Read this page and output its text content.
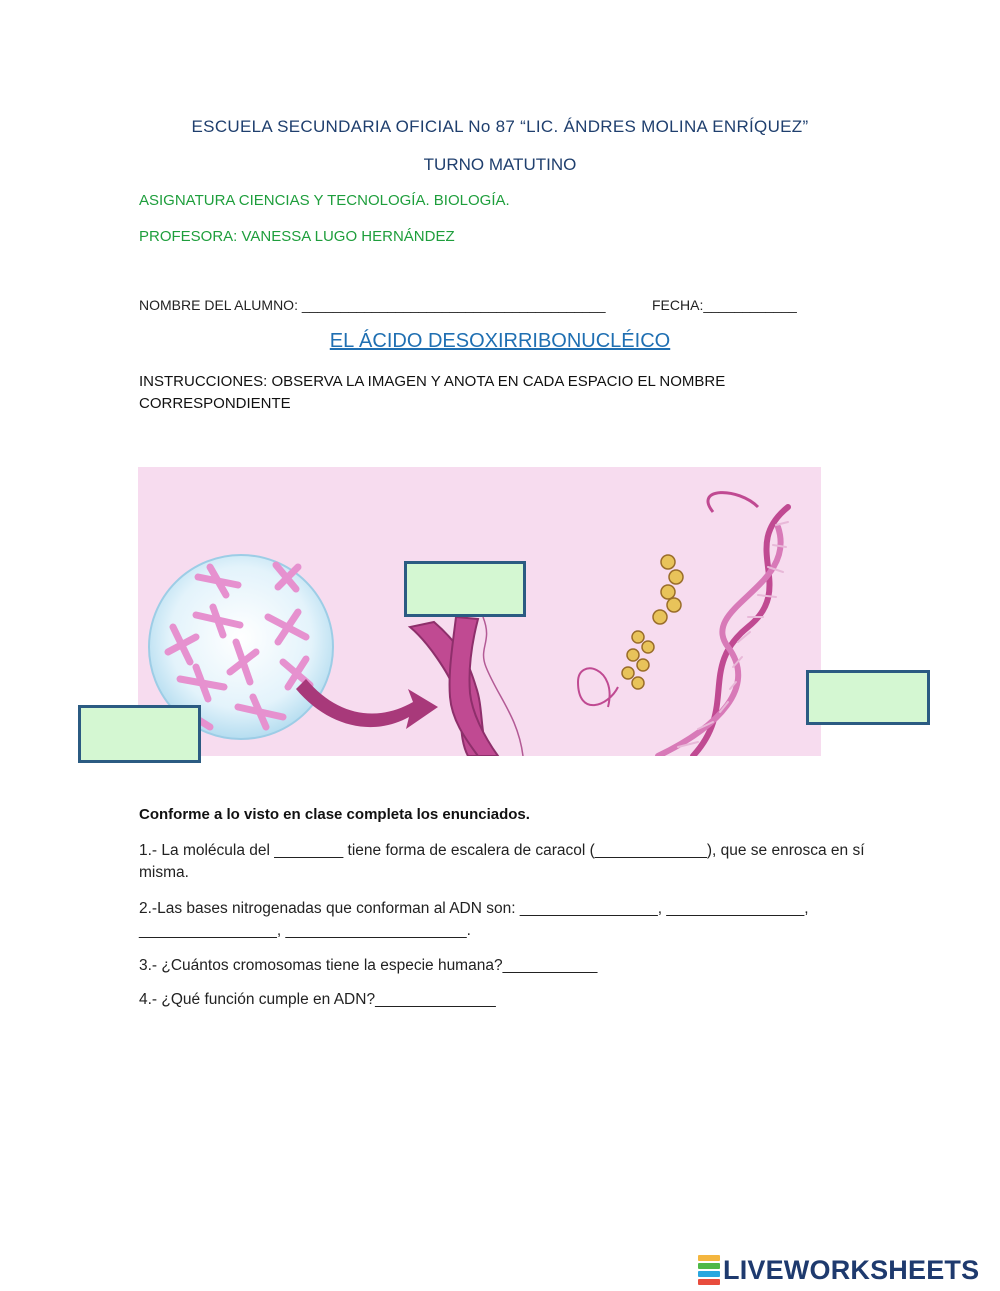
ESCUELA SECUNDARIA OFICIAL No 87 “LIC. ÁNDRES MOLINA ENRÍQUEZ”
TURNO MATUTINO
ASIGNATURA CIENCIAS Y TECNOLOGÍA. BIOLOGÍA.
PROFESORA: VANESSA LUGO HERNÁNDEZ
NOMBRE DEL ALUMNO: _______________________________________	FECHA:____________
EL ÁCIDO DESOXIRRIBONUCLÉICO
INSTRUCCIONES: OBSERVA LA IMAGEN Y ANOTA EN CADA ESPACIO EL NOMBRE CORRESPONDIENTE
Conforme a lo visto en clase completa los enunciados.
1.- La molécula del ________ tiene forma de escalera de caracol (_____________), que se enrosca en sí misma.
2.-Las bases nitrogenadas que conforman al ADN son: ________________, ________________, ________________, _____________________.
3.- ¿Cuántos cromosomas tiene la especie humana?___________
4.- ¿Qué función cumple en ADN?______________
LIVEWORKSHEETS
